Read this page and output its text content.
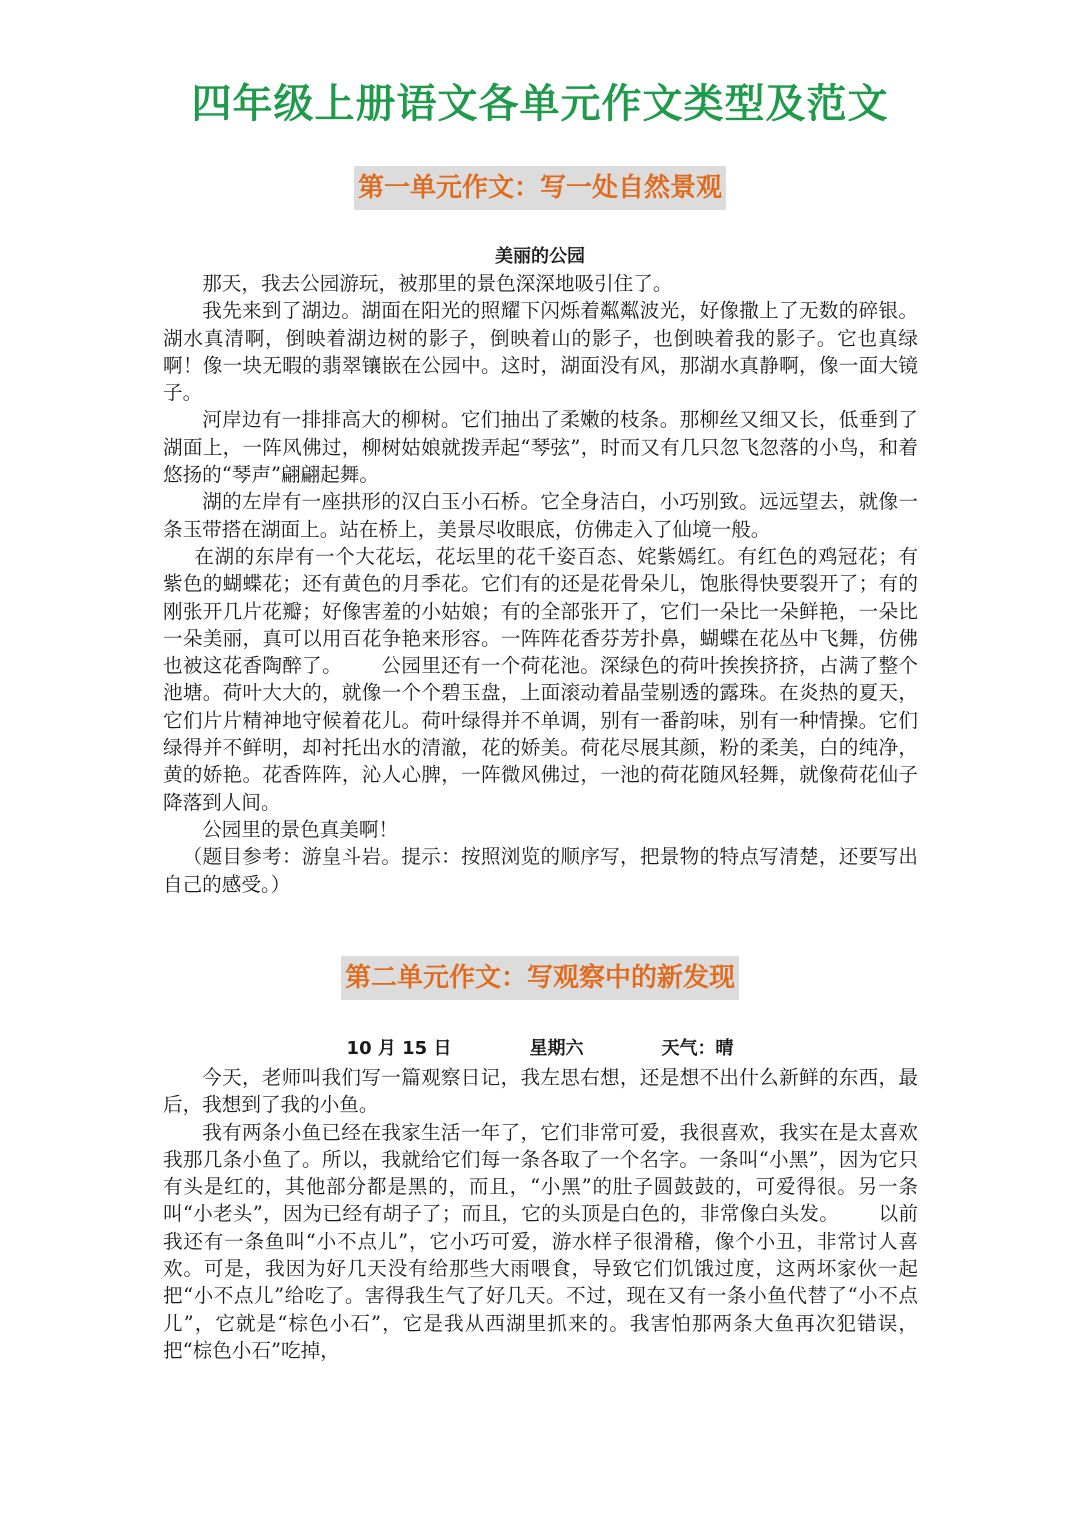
四年级上册语文各单元作文类型及范文
第一单元作文：写一处自然景观
美丽的公园

那天，我去公园游玩，被那里的景色深深地吸引住了。

我先来到了湖边。湖面在阳光的照耀下闪烁着粼粼波光，好像撒上了无数的碎银。湖水真清啊，倒映着湖边树的影子，倒映着山的影子，也倒映着我的影子。它也真绿啊！像一块无暇的翡翠镶嵌在公园中。这时，湖面没有风，那湖水真静啊，像一面大镜子。

河岸边有一排排高大的柳树。它们抽出了柔嫩的枝条。那柳丝又细又长，低垂到了湖面上，一阵风佛过，柳树姑娘就拨弄起“琴弦”，时而又有几只忽飞忽落的小鸟，和着悠扬的“琴声”翩翩起舞。

湖的左岸有一座拱形的汉白玉小石桥。它全身洁白，小巧别致。远远望去，就像一条玉带搭在湖面上。站在桥上，美景尽收眼底，仿佛走入了仙境一般。

在湖的东岸有一个大花坛，花坛里的花千姿百态、姹紫嫣红。有红色的鸡冠花；有紫色的蝴蝶花；还有黄色的月季花。它们有的还是花骨朵儿，饱胀得快要裂开了；有的刚张开几片花瓣；好像害羞的小姑娘；有的全部张开了，它们一朵比一朵鲜艳，一朵比一朵美丽，真可以用百花争艳来形容。一阵阵花香芬芳扑鼻，蝴蝶在花丛中飞舞，仿佛也被这花香陶醉了。 公园里还有一个荷花池。深绿色的荷叶挨挨挤挤，占满了整个池塘。荷叶大大的，就像一个个碧玉盘，上面滚动着晶莹剔透的露珠。在炎热的夏天，它们片片精神地守候着花儿。荷叶绿得并不单调，别有一番韵味，别有一种情操。它们绿得并不鲜明，却衬托出水的清澈，花的娇美。荷花尽展其颜，粉的柔美，白的纯净，黄的娇艳。花香阵阵，沁人心脾，一阵微风佛过，一池的荷花随风轻舞，就像荷花仙子降落到人间。

公园里的景色真美啊！

（题目参考：游皇斗岩。提示：按照浏览的顺序写，把景物的特点写清楚，还要写出自己的感受。）

第二单元作文：写观察中的新发现
10 月 15 日	星期六	天气：晴

今天，老师叫我们写一篇观察日记，我左思右想，还是想不出什么新鲜的东西，最后，我想到了我的小鱼。

我有两条小鱼已经在我家生活一年了，它们非常可爱，我很喜欢，我实在是太喜欢我那几条小鱼了。所以，我就给它们每一条各取了一个名字。一条叫“小黑”，因为它只有头是红的，其他部分都是黑的，而且，“小黑”的肚子圆鼓鼓的，可爱得很。另一条叫“小老头”，因为已经有胡子了；而且，它的头顶是白色的，非常像白头发。 以前我还有一条鱼叫“小不点儿”，它小巧可爱，游水样子很滑稽，像个小丑，非常讨人喜欢。可是，我因为好几天没有给那些大雨喂食，导致它们饥饿过度，这两坏家伙一起把“小不点儿”给吃了。害得我生气了好几天。不过，现在又有一条小鱼代替了“小不点儿”，它就是“棕色小石”，它是我从西湖里抓来的。我害怕那两条大鱼再次犯错误，把“棕色小石”吃掉，
